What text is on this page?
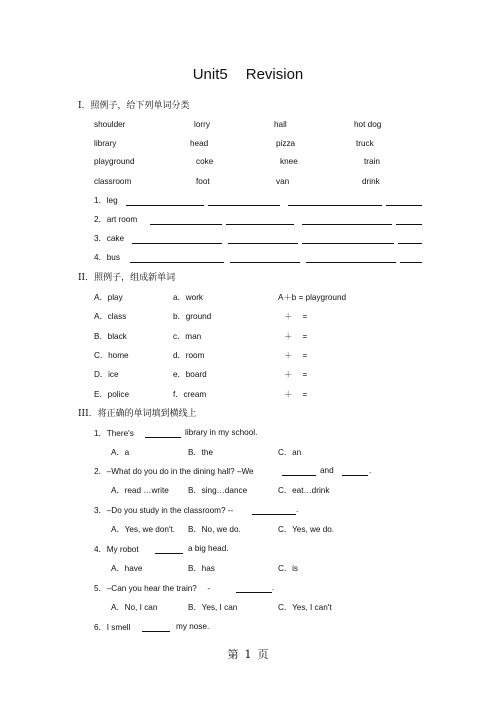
Unit5 Revision
I．照例子，给下列单词分类
shoulder	lorry	hall	hot dog
library	head	pizza	truck
playground	coke	knee	train
classroom	foot	van	drink
1．leg
2．art room
3．cake
4．bus
II．照例子，组成新单词
A．play	a．work	A＋b = playground
A．class	b．ground	＋ =
B．black	c．man	＋ =
C．home	d．room	＋ =
D．ice	e．board	＋ =
E．police	f．cream	＋ =
III．将正确的单词填到横线上
1．There's	library in my school.
A．a	B．the	C．an
2．–What do you do in the dining hall? –We	and	.
A．read …write B．sing…dance	C．eat…drink
3．–Do you study in the classroom? --	.
A．Yes, we don't. B．No, we do.	C．Yes, we do.
4．My robot	a big head.
A．have	B．has	C．is
5．–Can you hear the train?　 -	.
A．No, I can	B．Yes, I can	C．Yes, I can't
6．I smell	my nose.
第 1 页
